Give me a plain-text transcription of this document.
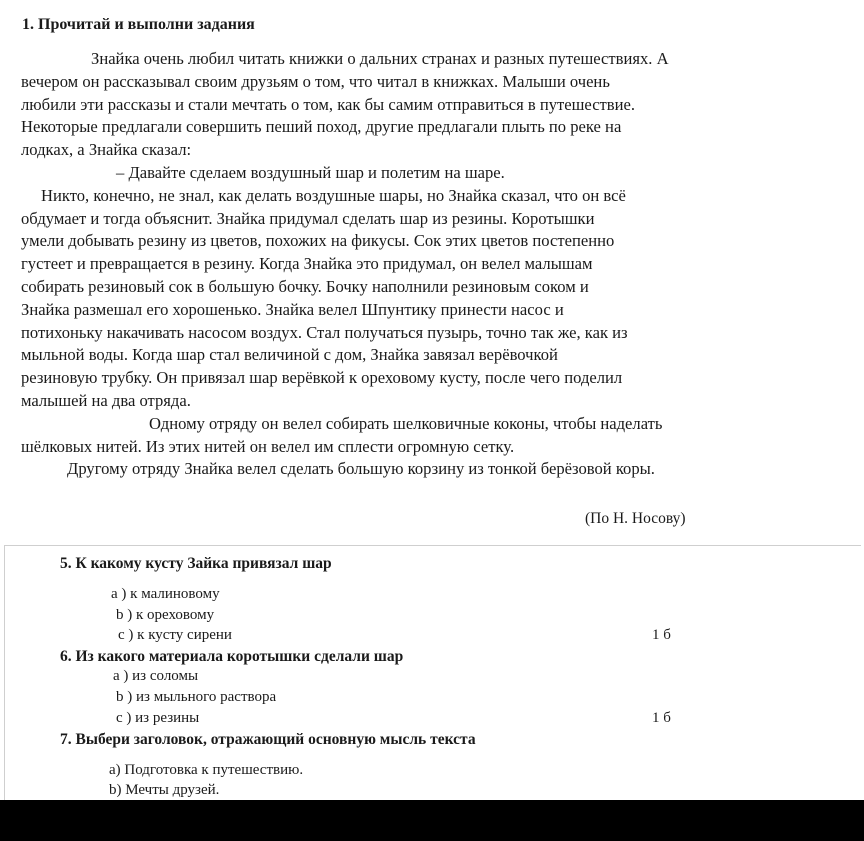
1. Прочитай и выполни задания
Знайка очень любил читать книжки о дальних странах и разных путешествиях. А
вечером он рассказывал своим друзьям о том, что читал в книжках. Малыши очень
любили эти рассказы и стали мечтать о том, как бы самим отправиться в путешествие.
Некоторые предлагали совершить пеший поход, другие предлагали плыть по реке на
лодках, а Знайка сказал:
– Давайте сделаем воздушный шар и полетим на шаре.
Никто, конечно, не знал, как делать воздушные шары, но Знайка сказал, что он всё
обдумает и тогда объяснит. Знайка придумал сделать шар из резины. Коротышки
умели добывать резину из цветов, похожих на фикусы. Сок этих цветов постепенно
густеет и превращается в резину. Когда Знайка это придумал, он велел малышам
собирать резиновый сок в большую бочку. Бочку наполнили резиновым соком и
Знайка размешал его хорошенько. Знайка велел Шпунтику принести насос и
потихоньку накачивать насосом воздух. Стал получаться пузырь, точно так же, как из
мыльной воды. Когда шар стал величиной с дом, Знайка завязал верёвочкой
резиновую трубку. Он привязал шар верёвкой к ореховому кусту, после чего поделил
малышей на два отряда.
Одному отряду он велел собирать шелковичные коконы, чтобы наделать
шёлковых нитей. Из этих нитей он велел им сплести огромную сетку.
Другому отряду Знайка велел сделать большую корзину из тонкой берёзовой коры.
(По Н. Носову)
5. К какому кусту Зайка привязал шар
а ) к малиновому
b ) к ореховому
с ) к кусту сирени	1 б
6. Из какого материала коротышки сделали шар
а ) из соломы
b ) из мыльного раствора
с ) из резины	1 б
7. Выбери заголовок, отражающий основную мысль текста
a) Подготовка к путешествию.
b) Мечты друзей.
